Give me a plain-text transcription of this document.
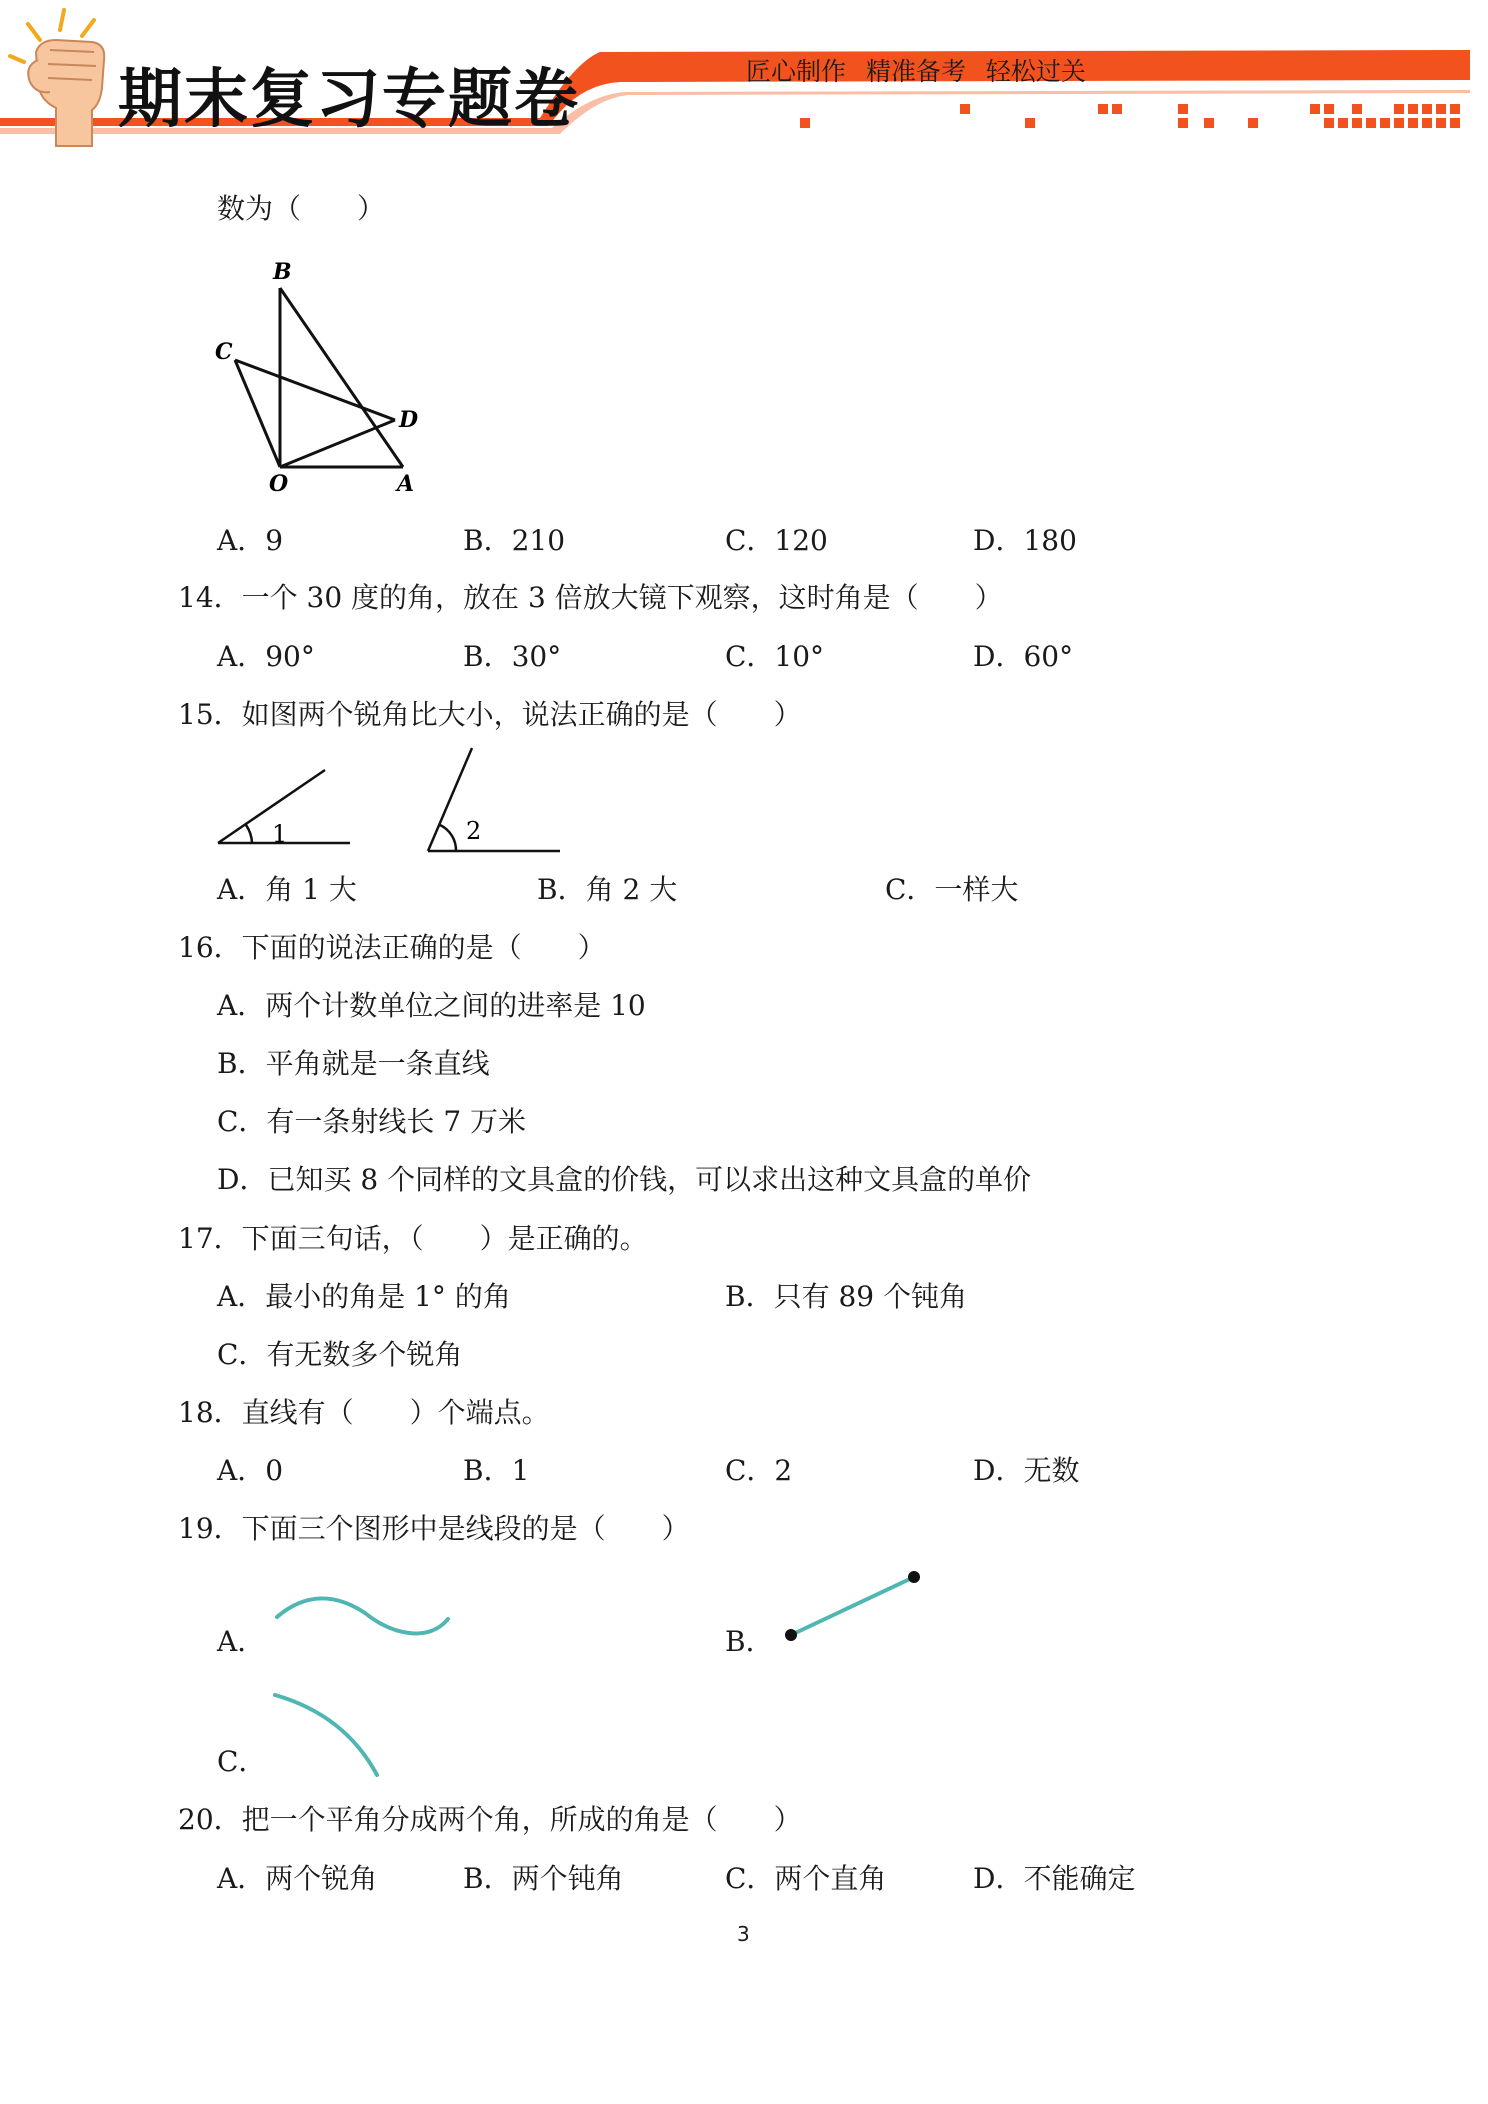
期末复习专题卷	匠心制作 精准备考 轻松过关
数为（　　）
B
C
D
O	A
A．9	B．210	C．120	D．180
14．一个 30 度的角，放在 3 倍放大镜下观察，这时角是（　　）
A．90°	B．30°	C．10°	D．60°
15．如图两个锐角比大小，说法正确的是（　　）
1	2
A．角 1 大	B．角 2 大	C．一样大
16．下面的说法正确的是（　　）
A．两个计数单位之间的进率是 10
B．平角就是一条直线
C．有一条射线长 7 万米
D．已知买 8 个同样的文具盒的价钱，可以求出这种文具盒的单价
17．下面三句话，（　　）是正确的。
A．最小的角是 1° 的角	B．只有 89 个钝角
C．有无数多个锐角
18．直线有（　　）个端点。
A．0	B．1	C．2	D．无数
19．下面三个图形中是线段的是（　　）
A．	B．
C．
20．把一个平角分成两个角，所成的角是（　　）
A．两个锐角	B．两个钝角	C．两个直角	D．不能确定
3
